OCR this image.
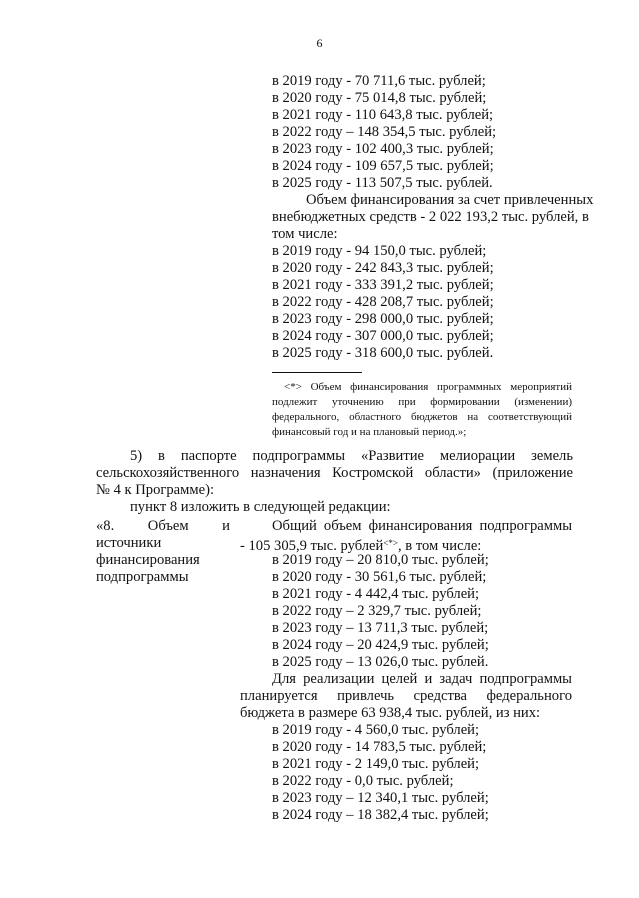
6
в 2019 году - 70 711,6 тыс. рублей;
в 2020 году - 75 014,8 тыс. рублей;
в 2021 году - 110 643,8 тыс. рублей;
в 2022 году – 148 354,5 тыс. рублей;
в 2023 году - 102 400,3 тыс. рублей;
в 2024 году - 109 657,5 тыс. рублей;
в 2025 году - 113 507,5 тыс. рублей.
Объем финансирования за счет привлеченных
внебюджетных средств - 2 022 193,2 тыс. рублей, в
том числе:
в 2019 году - 94 150,0 тыс. рублей;
в 2020 году - 242 843,3 тыс. рублей;
в 2021 году - 333 391,2 тыс. рублей;
в 2022 году - 428 208,7 тыс. рублей;
в 2023 году - 298 000,0 тыс. рублей;
в 2024 году - 307 000,0 тыс. рублей;
в 2025 году - 318 600,0 тыс. рублей.
<*> Объем финансирования программных мероприятий
подлежит уточнению при формировании (изменении)
федерального, областного бюджетов на соответствующий
финансовый год и на плановый период.»;
5) в паспорте подпрограммы «Развитие мелиорации земель
сельскохозяйственного назначения Костромской области» (приложение
№ 4 к Программе):
пункт 8 изложить в следующей редакции:
«8. Объем и
источники
финансирования
подпрограммы
Общий объем финансирования подпрограммы
- 105 305,9 тыс. рублей<*>, в том числе:
в 2019 году – 20 810,0 тыс. рублей;
в 2020 году - 30 561,6 тыс. рублей;
в 2021 году - 4 442,4 тыс. рублей;
в 2022 году – 2 329,7 тыс. рублей;
в 2023 году – 13 711,3 тыс. рублей;
в 2024 году – 20 424,9 тыс. рублей;
в 2025 году – 13 026,0 тыс. рублей.
Для реализации целей и задач подпрограммы
планируется привлечь средства федерального
бюджета в размере 63 938,4 тыс. рублей, из них:
в 2019 году - 4 560,0 тыс. рублей;
в 2020 году - 14 783,5 тыс. рублей;
в 2021 году - 2 149,0 тыс. рублей;
в 2022 году - 0,0 тыс. рублей;
в 2023 году – 12 340,1 тыс. рублей;
в 2024 году – 18 382,4 тыс. рублей;
